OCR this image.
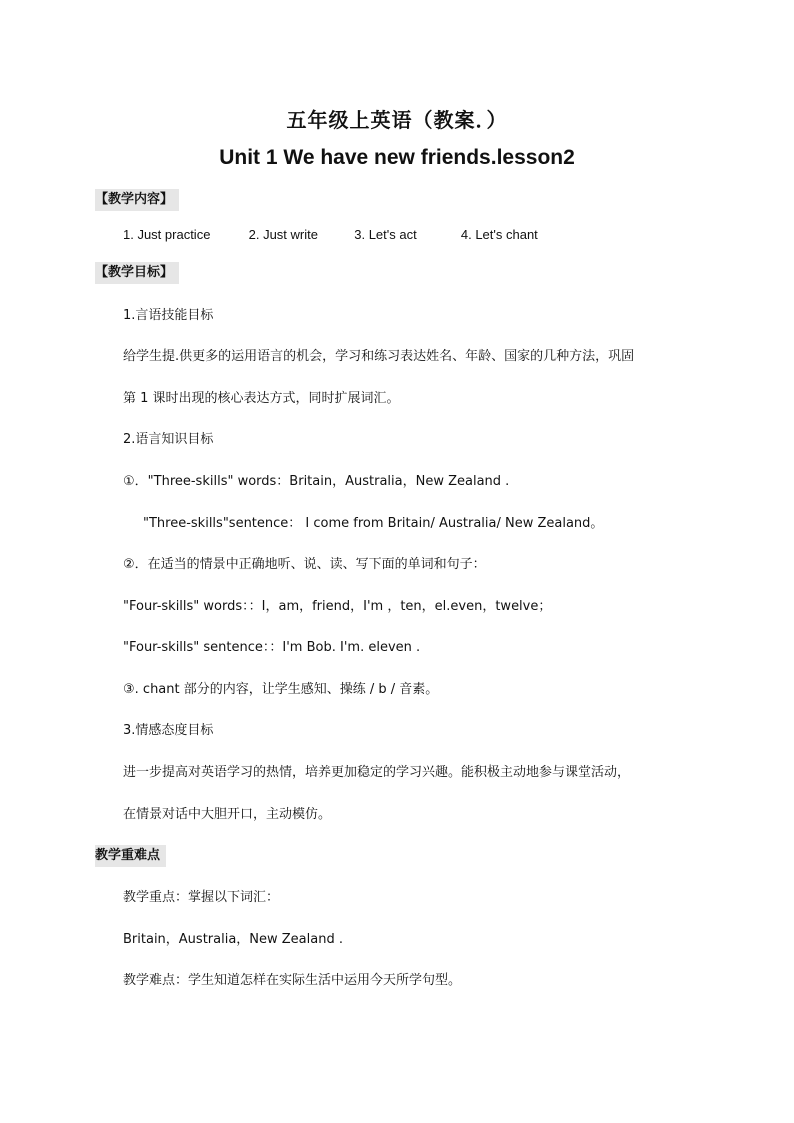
五年级上英语（教案．）
Unit 1 We have new friends.lesson2
【教学内容】
1. Just practice	2. Just write	3. Let's act	4. Let's chant
【教学目标】
1.言语技能目标
给学生提.供更多的运用语言的机会，学习和练习表达姓名、年龄、国家的几种方法，巩固
第 1 课时出现的核心表达方式，同时扩展词汇。
2.语言知识目标
①．"Three-skills" words：Britain，Australia，New Zealand .
"Three-skills"sentence： I come from Britain/ Australia/ New Zealand。
②．在适当的情景中正确地听、说、读、写下面的单词和句子：
"Four-skills" words：：I，am，friend，I'm ，ten，el.even，twelve；
"Four-skills" sentence：：I'm Bob. I'm. eleven .
③. chant 部分的内容，让学生感知、操练 / b / 音素。
3.情感态度目标
进一步提高对英语学习的热情，培养更加稳定的学习兴趣。能积极主动地参与课堂活动，
在情景对话中大胆开口，主动模仿。
教学重难点
教学重点：掌握以下词汇：
Britain，Australia，New Zealand .
教学难点：学生知道怎样在实际生活中运用今天所学句型。
